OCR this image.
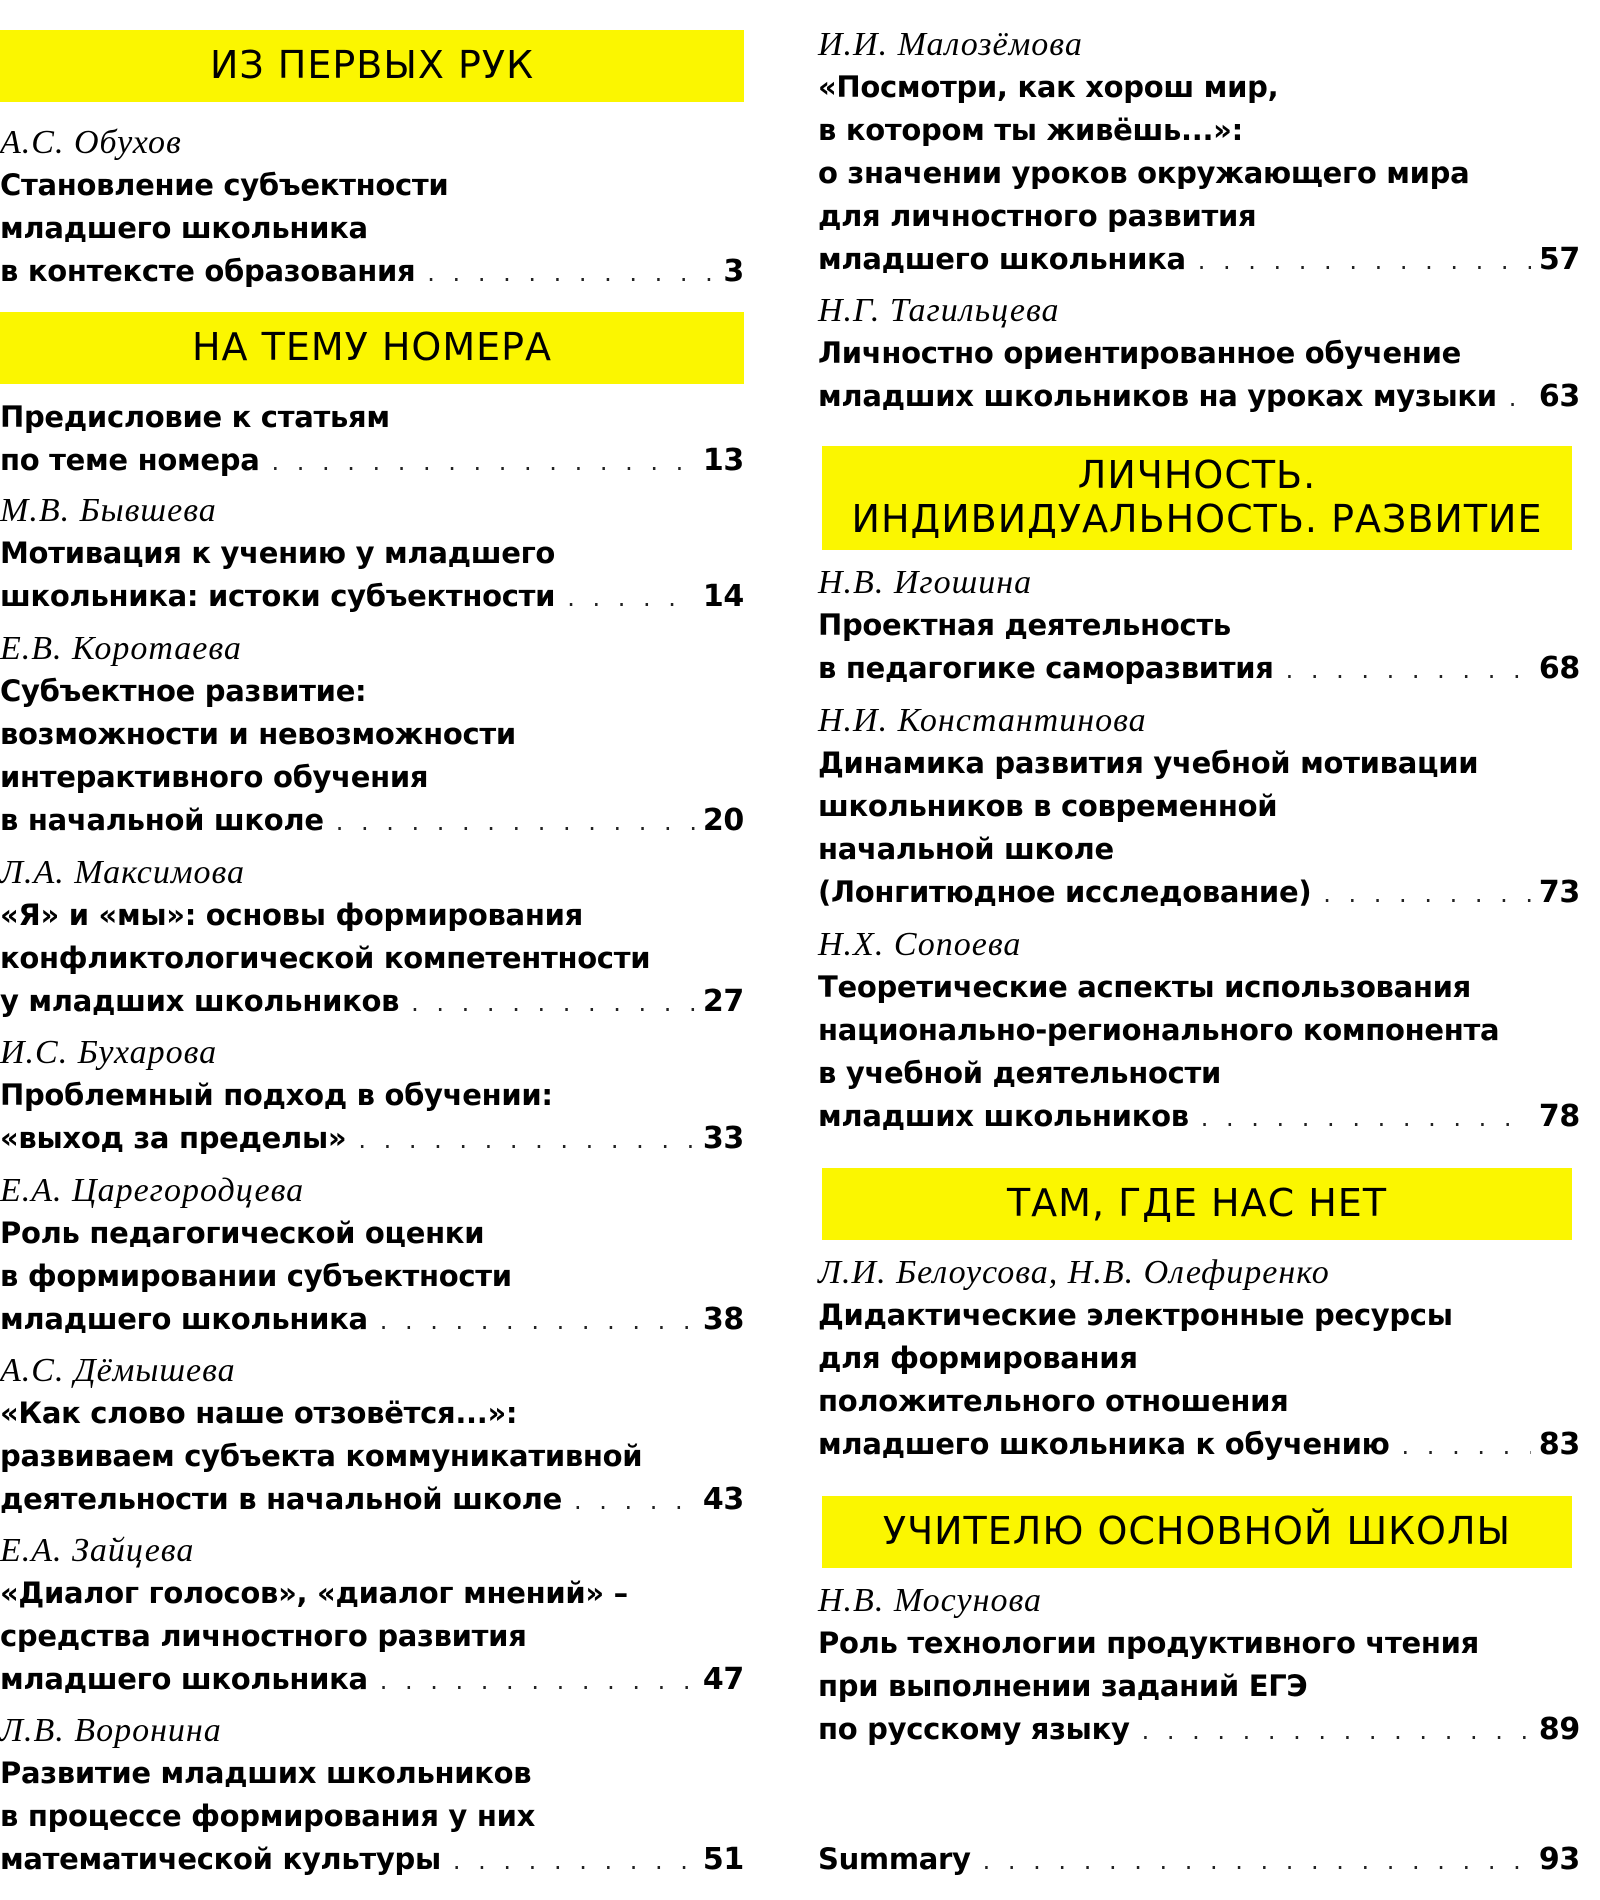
ИЗ ПЕРВЫХ РУК
А.С. Обухов
Становление субъектности
младшего школьника
в контексте образования . . .	3
НА ТЕМУ НОМЕРА
Предисловие к статьям
по теме номера . . .	13
М.В. Бывшева
Мотивация к учению у младшего
школьника: истоки субъектности . . .	14
Е.В. Коротаева
Субъектное развитие:
возможности и невозможности
интерактивного обучения
в начальной школе . . .	20
Л.А. Максимова
«Я» и «мы»: основы формирования
конфликтологической компетентности
у младших школьников . . .	27
И.С. Бухарова
Проблемный подход в обучении:
«выход за пределы» . . .	33
Е.А. Царегородцева
Роль педагогической оценки
в формировании субъектности
младшего школьника . . .	38
А.С. Дёмышева
«Как слово наше отзовётся...»:
развиваем субъекта коммуникативной
деятельности в начальной школе . . .	43
Е.А. Зайцева
«Диалог голосов», «диалог мнений» –
средства личностного развития
младшего школьника . . .	47
Л.В. Воронина
Развитие младших школьников
в процессе формирования у них
математической культуры . . .	51
И.И. Малозёмова
«Посмотри, как хорош мир,
в котором ты живёшь...»:
о значении уроков окружающего мира
для личностного развития
младшего школьника . . .	57
Н.Г. Тагильцева
Личностно ориентированное обучение
младших школьников на уроках музыки . . . 63
ЛИЧНОСТЬ.
ИНДИВИДУАЛЬНОСТЬ. РАЗВИТИЕ
Н.В. Игошина
Проектная деятельность
в педагогике саморазвития . . .	68
Н.И. Константинова
Динамика развития учебной мотивации
школьников в современной
начальной школе
(Лонгитюдное исследование) . . .	73
Н.Х. Сопоева
Теоретические аспекты использования
национально-регионального компонента
в учебной деятельности
младших школьников . . .	78
ТАМ, ГДЕ НАС НЕТ
Л.И. Белоусова, Н.В. Олефиренко
Дидактические электронные ресурсы
для формирования
положительного отношения
младшего школьника к обучению . . .	83
УЧИТЕЛЮ ОСНОВНОЙ ШКОЛЫ
Н.В. Мосунова
Роль технологии продуктивного чтения
при выполнении заданий ЕГЭ
по русскому языку . . .	89
Summary . . .	93
